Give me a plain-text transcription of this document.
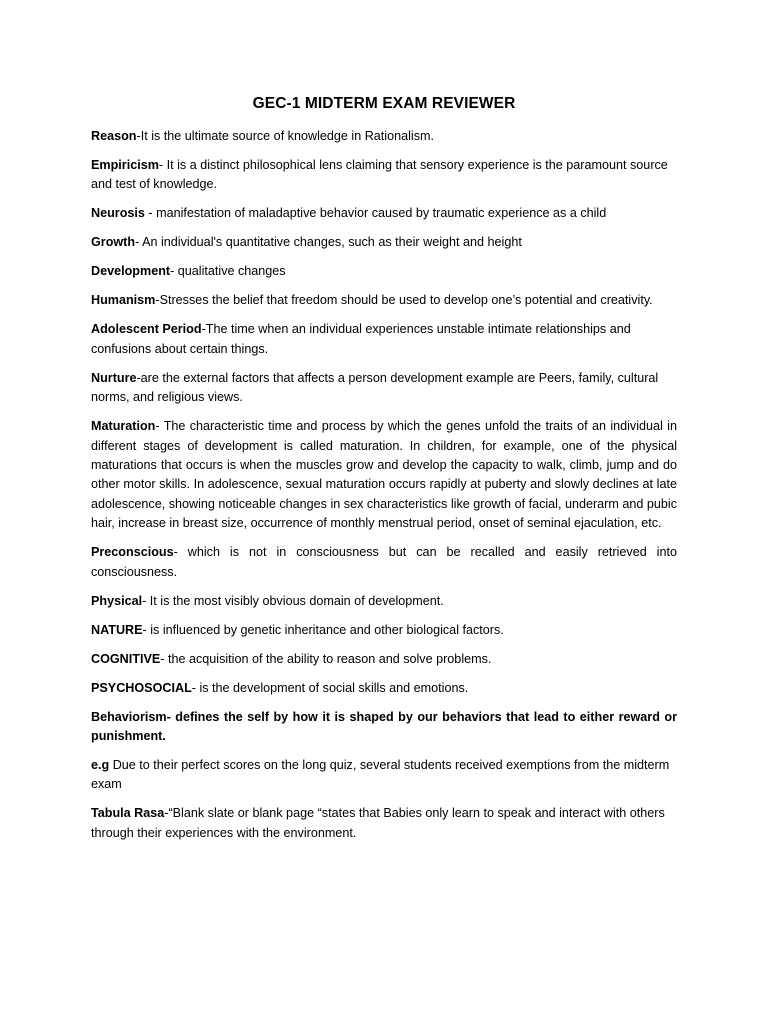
GEC-1 MIDTERM EXAM REVIEWER

Reason-It is the ultimate source of knowledge in Rationalism.

Empiricism- It is a distinct philosophical lens claiming that sensory experience is the paramount source and test of knowledge.

Neurosis - manifestation of maladaptive behavior caused by traumatic experience as a child

Growth- An individual's quantitative changes, such as their weight and height

Development- qualitative changes

Humanism-Stresses the belief that freedom should be used to develop one’s potential and creativity.

Adolescent Period-The time when an individual experiences unstable intimate relationships and confusions about certain things.

Nurture-are the external factors that affects a person development example are Peers, family, cultural norms, and religious views.

Maturation- The characteristic time and process by which the genes unfold the traits of an individual in different stages of development is called maturation. In children, for example, one of the physical maturations that occurs is when the muscles grow and develop the capacity to walk, climb, jump and do other motor skills. In adolescence, sexual maturation occurs rapidly at puberty and slowly declines at late adolescence, showing noticeable changes in sex characteristics like growth of facial, underarm and pubic hair, increase in breast size, occurrence of monthly menstrual period, onset of seminal ejaculation, etc.

Preconscious- which is not in consciousness but can be recalled and easily retrieved into consciousness.

Physical- It is the most visibly obvious domain of development.

NATURE- is influenced by genetic inheritance and other biological factors.

COGNITIVE- the acquisition of the ability to reason and solve problems.

PSYCHOSOCIAL- is the development of social skills and emotions.

Behaviorism- defines the self by how it is shaped by our behaviors that lead to either reward or punishment.

e.g Due to their perfect scores on the long quiz, several students received exemptions from the midterm exam

Tabula Rasa-“Blank slate or blank page “states that Babies only learn to speak and interact with others through their experiences with the environment.
